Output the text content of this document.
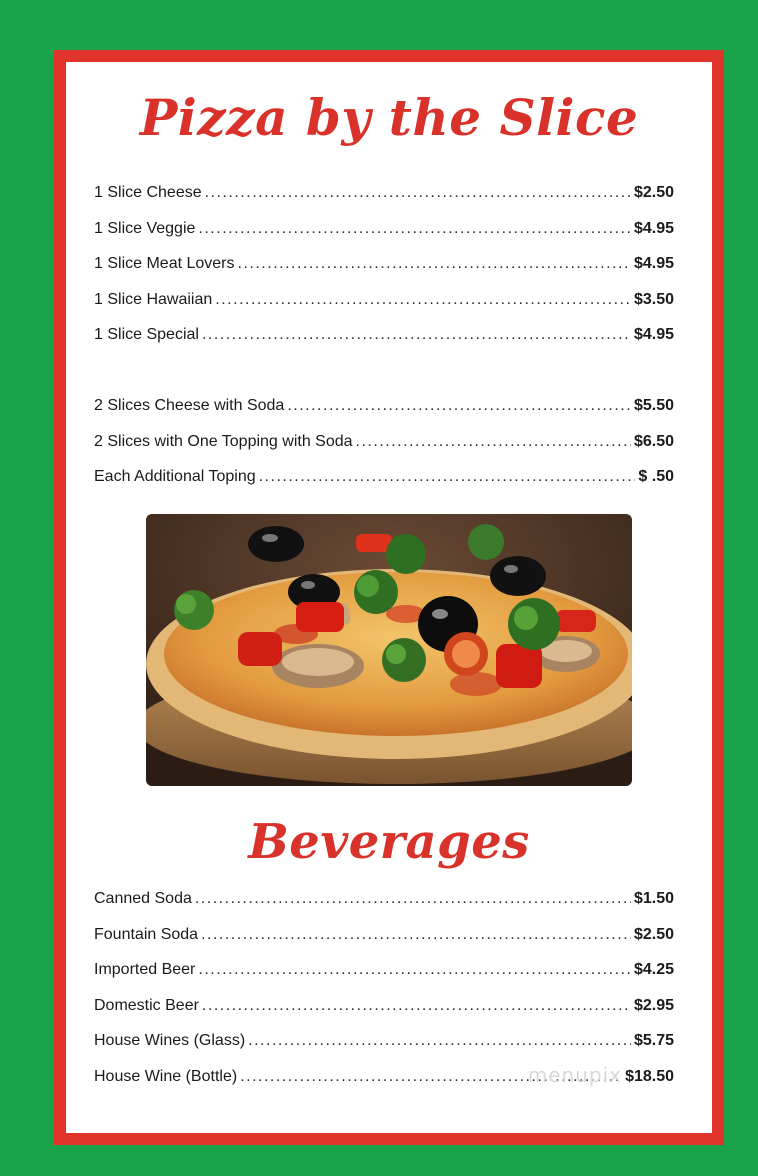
Pizza by the Slice
1 Slice Cheese .....	$2.50
1 Slice Veggie .....	$4.95
1 Slice Meat Lovers .....	$4.95
1 Slice Hawaiian .....	$3.50
1 Slice Special .....	$4.95
2 Slices Cheese with Soda .....	$5.50
2 Slices with One Topping with Soda .....	$6.50
Each Additional Toping .....	$ .50
Beverages
Canned Soda .....	$1.50
Fountain Soda .....	$2.50
Imported Beer .....	$4.25
Domestic Beer .....	$2.95
House Wines (Glass) .....	$5.75
House Wine (Bottle) .....	$18.50
menupix
